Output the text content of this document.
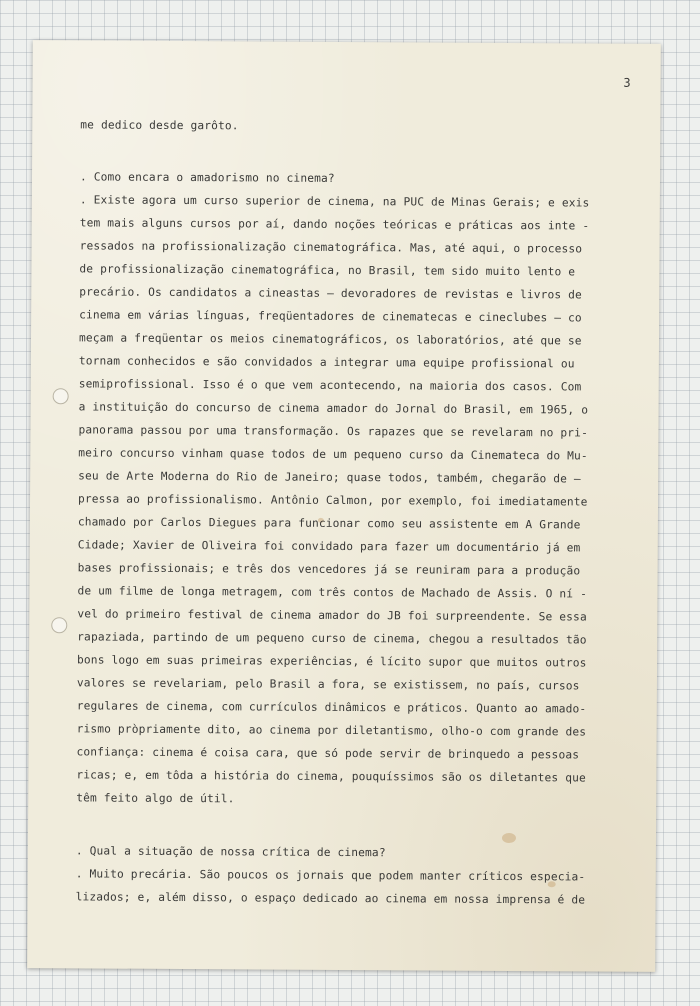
3
me dedico desde garôto.
. Como encara o amadorismo no cinema?
. Existe agora um curso superior de cinema, na PUC de Minas Gerais; e exis
tem mais alguns cursos por aí, dando noções teóricas e práticas aos inte -
ressados na profissionalização cinematográfica. Mas, até aqui, o processo
de profissionalização cinematográfica, no Brasil, tem sido muito lento e
precário. Os candidatos a cineastas — devoradores de revistas e livros de
cinema em várias línguas, freqüentadores de cinematecas e cineclubes — co
meçam a freqüentar os meios cinematográficos, os laboratórios, até que se
tornam conhecidos e são convidados a integrar uma equipe profissional ou
semiprofissional. Isso é o que vem acontecendo, na maioria dos casos. Com
a instituição do concurso de cinema amador do Jornal do Brasil, em 1965, o
panorama passou por uma transformação. Os rapazes que se revelaram no pri-
meiro concurso vinham quase todos de um pequeno curso da Cinemateca do Mu-
seu de Arte Moderna do Rio de Janeiro; quase todos, também, chegarão de —
pressa ao profissionalismo. Antônio Calmon, por exemplo, foi imediatamente
chamado por Carlos Diegues para funcionar como seu assistente em A Grande
Cidade; Xavier de Oliveira foi convidado para fazer um documentário já em
bases profissionais; e três dos vencedores já se reuniram para a produção
de um filme de longa metragem, com três contos de Machado de Assis. O ní -
vel do primeiro festival de cinema amador do JB foi surpreendente. Se essa
rapaziada, partindo de um pequeno curso de cinema, chegou a resultados tão
bons logo em suas primeiras experiências, é lícito supor que muitos outros
valores se revelariam, pelo Brasil a fora, se existissem, no país, cursos
regulares de cinema, com currículos dinâmicos e práticos. Quanto ao amado-
rismo pròpriamente dito, ao cinema por diletantismo, olho-o com grande des
confiança: cinema é coisa cara, que só pode servir de brinquedo a pessoas
ricas; e, em tôda a história do cinema, pouquíssimos são os diletantes que
têm feito algo de útil.
. Qual a situação de nossa crítica de cinema?
. Muito precária. São poucos os jornais que podem manter críticos especia-
lizados; e, além disso, o espaço dedicado ao cinema em nossa imprensa é de
